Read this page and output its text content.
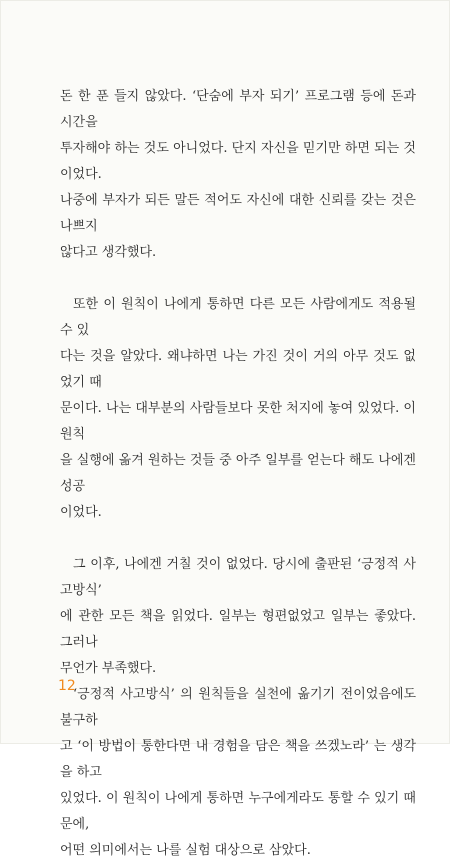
돈 한 푼 들지 않았다. ‘단숨에 부자 되기’ 프로그램 등에 돈과 시간을
투자해야 하는 것도 아니었다. 단지 자신을 믿기만 하면 되는 것이었다.
나중에 부자가 되든 말든 적어도 자신에 대한 신뢰를 갖는 것은 나쁘지
않다고 생각했다.
또한 이 원칙이 나에게 통하면 다른 모든 사람에게도 적용될 수 있
다는 것을 알았다. 왜냐하면 나는 가진 것이 거의 아무 것도 없었기 때
문이다. 나는 대부분의 사람들보다 못한 처지에 놓여 있었다. 이 원칙
을 실행에 옮겨 원하는 것들 중 아주 일부를 얻는다 해도 나에겐 성공
이었다.
그 이후, 나에겐 거칠 것이 없었다. 당시에 출판된 ‘긍정적 사고방식’
에 관한 모든 책을 읽었다. 일부는 형편없었고 일부는 좋았다. 그러나
무언가 부족했다.
‘긍정적 사고방식’ 의 원칙들을 실천에 옮기기 전이었음에도 불구하
고 ‘이 방법이 통한다면 내 경험을 담은 책을 쓰겠노라’ 는 생각을 하고
있었다. 이 원칙이 나에게 통하면 누구에게라도 통할 수 있기 때문에,
어떤 의미에서는 나를 실험 대상으로 삼았다.
12
